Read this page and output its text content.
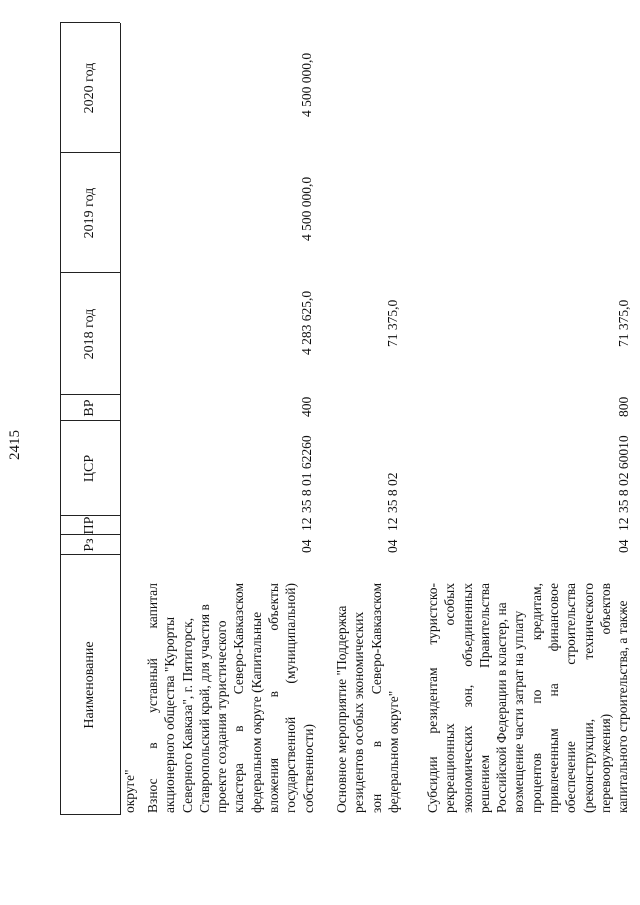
2415
Наименование
Рз
ПР
ЦСР
ВР
2018 год
2019 год
2020 год
округе" Взнос
в
уставный
капитал
акционерного общества "Курорты Северного Кавказа", г. Пятигорск, Ставропольский край, для участия в проекте создания туристического кластера
в
Северо-Кавказском федеральном округе (Капитальные вложения
в
объекты
государственной
(муниципальной)
собственности)
04
12
35 8 01 62260
400
4 283 625,0
4 500 000,0
4 500 000,0
Основное мероприятие "Поддержка резидентов особых экономических зон
в
Северо-Кавказском
федеральном округе"
04
12
35 8 02
71 375,0
Субсидии
резидентам
туристско-
рекреационных
особых
экономических
зон,
объединенных
решением
Правительства Российской Федерации в кластер, на возмещение части затрат на уплату процентов
по
кредитам,
привлеченным
на
финансовое
обеспечение
строительства
(реконструкции,
технического
перевооружения)
объектов капитального строительства, а также
04
12
35 8 02 60010
800
71 375,0
